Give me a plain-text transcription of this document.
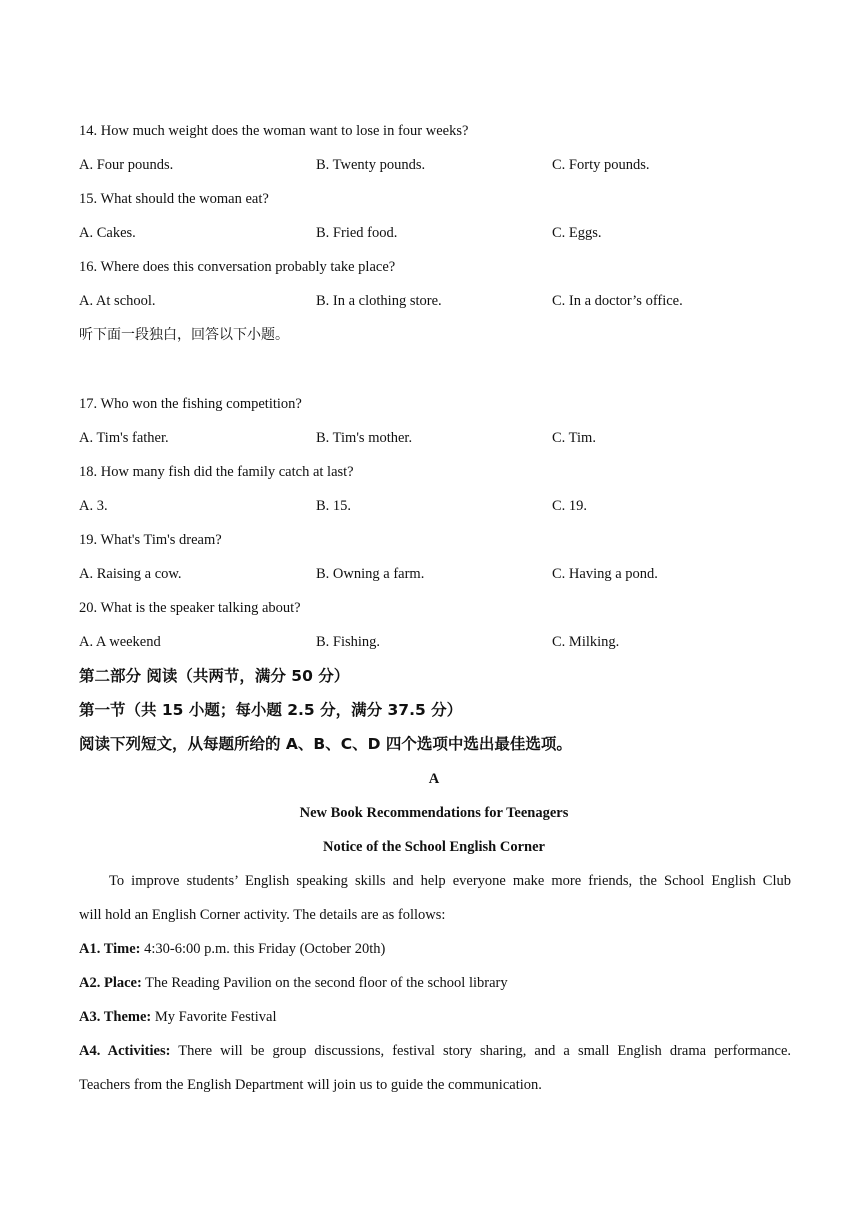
14. How much weight does the woman want to lose in four weeks?
A. Four pounds.	B. Twenty pounds.	C. Forty pounds.
15. What should the woman eat?
A. Cakes.	B. Fried food.	C. Eggs.
16. Where does this conversation probably take place?
A. At school.	B. In a clothing store.	C. In a doctor’s office.
听下面一段独白，回答以下小题。
17. Who won the fishing competition?
A. Tim's father.	B. Tim's mother.	C. Tim.
18. How many fish did the family catch at last?
A. 3.	B. 15.	C. 19.
19. What's Tim's dream?
A. Raising a cow.	B. Owning a farm.	C. Having a pond.
20. What is the speaker talking about?
A. A weekend	B. Fishing.	C. Milking.
第二部分 阅读（共两节，满分 50 分）
第一节（共 15 小题；每小题 2.5 分，满分 37.5 分）
阅读下列短文，从每题所给的 A、B、C、D 四个选项中选出最佳选项。
A
New Book Recommendations for Teenagers
Notice of the School English Corner
To improve students’ English speaking skills and help everyone make more friends, the School English Club
will hold an English Corner activity. The details are as follows:
A1. Time: 4:30-6:00 p.m. this Friday (October 20th)
A2. Place: The Reading Pavilion on the second floor of the school library
A3. Theme: My Favorite Festival
A4. Activities: There will be group discussions, festival story sharing, and a small English drama performance.
Teachers from the English Department will join us to guide the communication.
